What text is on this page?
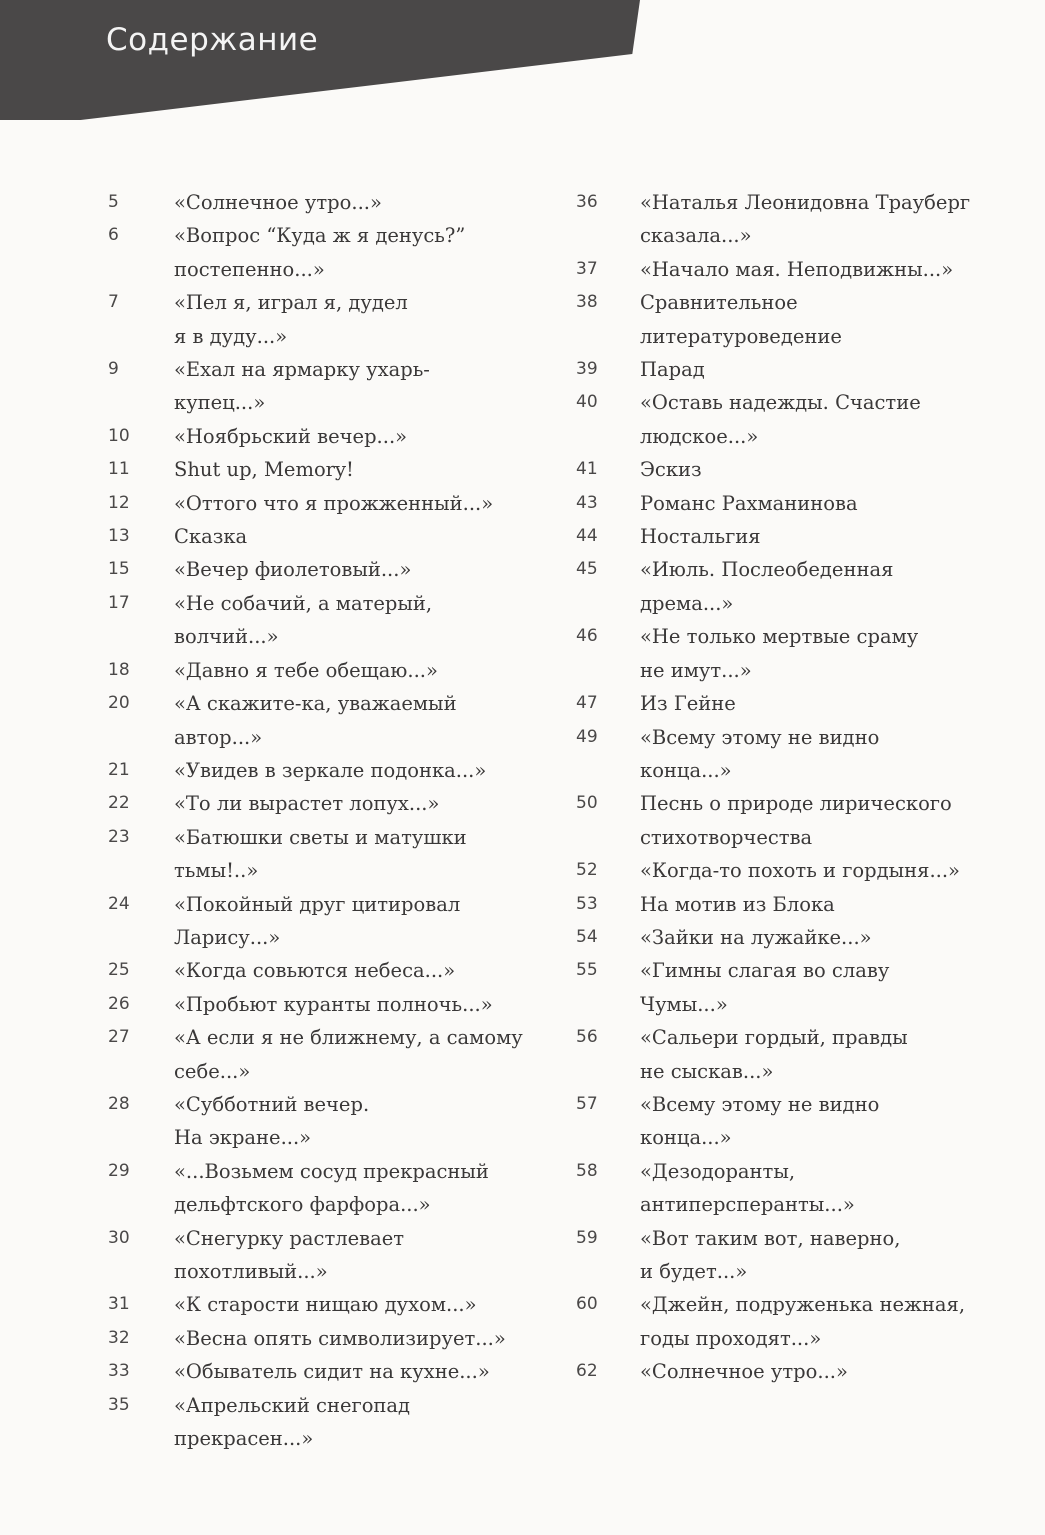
Содержание
5	«Солнечное утро...»
6	«Вопрос “Куда ж я денусь?”
постепенно...»
7	«Пел я, играл я, дудел
я в дуду...»
9	«Ехал на ярмарку ухарь-
купец...»
10	«Ноябрьский вечер...»
11	Shut up, Memory!
12	«Оттого что я прожженный...»
13	Сказка
15	«Вечер фиолетовый...»
17	«Не собачий, а матерый,
волчий...»
18	«Давно я тебе обещаю...»
20	«А скажите-ка, уважаемый
автор...»
21	«Увидев в зеркале подонка...»
22	«То ли вырастет лопух...»
23	«Батюшки светы и матушки
тьмы!..»
24	«Покойный друг цитировал
Ларису...»
25	«Когда совьются небеса...»
26	«Пробьют куранты полночь...»
27	«А если я не ближнему, а самому
себе...»
28	«Субботний вечер.
На экране...»
29	«...Возьмем сосуд прекрасный
дельфтского фарфора...»
30	«Снегурку растлевает
похотливый...»
31	«К старости нищаю духом...»
32	«Весна опять символизирует...»
33	«Обыватель сидит на кухне...»
35	«Апрельский снегопад
прекрасен...»
36	«Наталья Леонидовна Трауберг
сказала...»
37	«Начало мая. Неподвижны...»
38	Сравнительное
литературоведение
39	Парад
40	«Оставь надежды. Счастие
людское...»
41	Эскиз
43	Романс Рахманинова
44	Ностальгия
45	«Июль. Послеобеденная
дрема...»
46	«Не только мертвые сраму
не имут...»
47	Из Гейне
49	«Всему этому не видно
конца...»
50	Песнь о природе лирического
стихотворчества
52	«Когда-то похоть и гордыня...»
53	На мотив из Блока
54	«Зайки на лужайке...»
55	«Гимны слагая во славу
Чумы...»
56	«Сальери гордый, правды
не сыскав...»
57	«Всему этому не видно
конца...»
58	«Дезодоранты,
антиперсперанты...»
59	«Вот таким вот, наверно,
и будет...»
60	«Джейн, подруженька нежная,
годы проходят...»
62	«Солнечное утро...»
